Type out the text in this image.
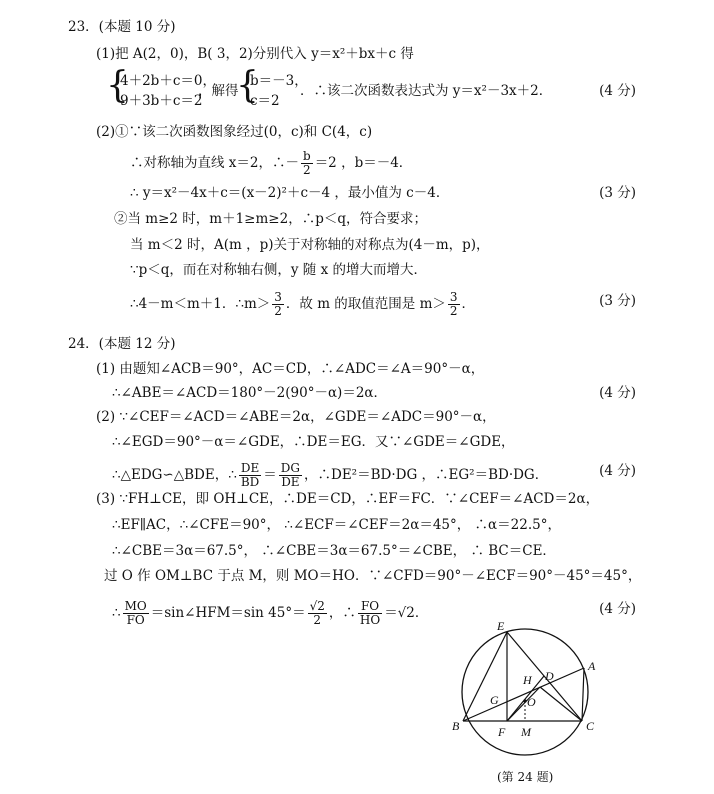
23．(本题 10 分)
(1)把 A(2，0)，B( 3，2)分别代入 y＝x²＋bx＋c 得
{
4＋2b＋c＝0，
9＋3b＋c＝2
，解得
{
b＝－3，
c＝2
．∴该二次函数表达式为 y＝x²－3x＋2．	(4 分)
(2)①∵该二次函数图象经过(0，c)和 C(4，c)
∴对称轴为直线 x＝2，∴－ $\frac{b}{2} =2$ ，b＝－4．
∴ y＝x²－4x＋c＝(x－2)²＋c－4 ，最小值为 c－4．	(3 分)
②当 m≥2 时，m＋1≥m≥2，∴p＜q，符合要求；
当 m＜2 时，A(m ，p)关于对称轴的对称点为(4－m，p)，
∵p＜q，而在对称轴右侧，y 随 x 的增大而增大．
∴4－m＜m＋1．∴m＞ $\frac{3}{2}$ ．故 m 的取值范围是 $m> \frac{3}{2}$ ．	(3 分)
24．(本题 12 分)
(1) 由题知∠ACB＝90°，AC＝CD，∴∠ADC＝∠A＝90°－α，
∴∠ABE＝∠ACD＝180°－2(90°－α)＝2α．	(4 分)
(2) ∵∠CEF＝∠ACD＝∠ABE＝2α，∠GDE＝∠ADC＝90°－α，
∴∠EGD＝90°－α＝∠GDE，∴DE＝EG．又∵∠GDE＝∠GDE，
∴△EDG∽△BDE，∴ $\frac{DE}{BD} = \frac{DG}{DE}$ ，∴DE²＝BD·DG ，∴EG²＝BD·DG．	(4 分)
(3) ∵FH⊥CE，即 OH⊥CE，∴DE＝CD，∴EF＝FC．∵∠CEF＝∠ACD＝2α，
∴EF∥AC，∴∠CFE＝90°， ∴∠ECF＝∠CEF＝2α＝45°， ∴α＝22.5°，
∴∠CBE＝3α＝67.5°， ∴∠CBE＝3α＝67.5°＝∠CBE， ∴ BC＝CE．
过 O 作 OM⊥BC 于点 M，则 MO＝HO．∵∠CFD＝90°－∠ECF＝90°－45°＝45°，
∴ $\frac{MO}{FO}$ ＝sin∠HFM＝sin $45^\circ= \frac{√2}{2}$ ，∴ $\frac{FO}{HO} =√2$．	(4 分)
E
A
H D
G O
B	F M	C
(第 24 题)
